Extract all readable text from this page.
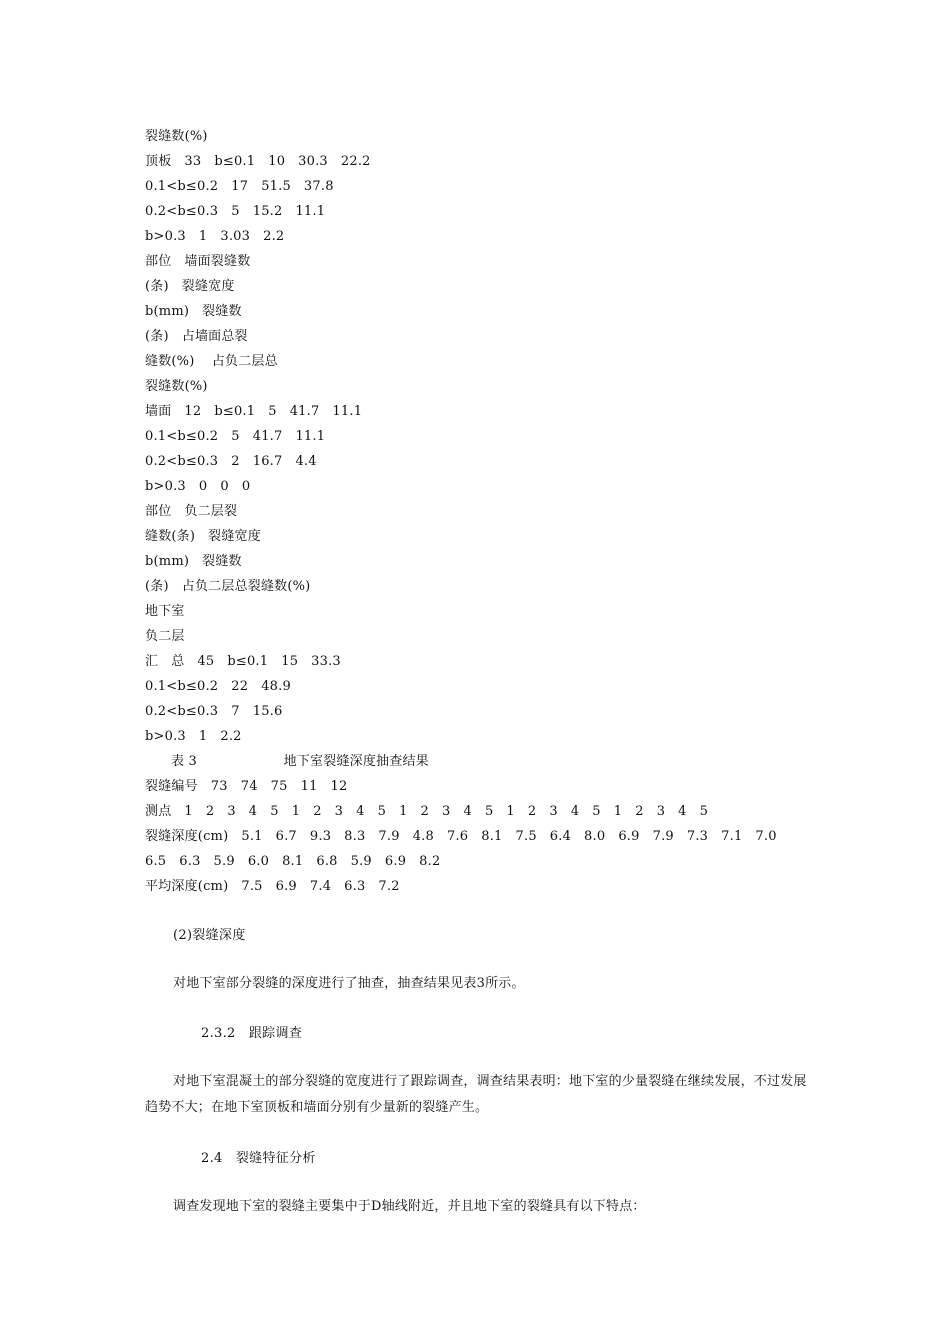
裂缝数(%)
顶板   33   b≤0.1   10   30.3   22.2
0.1<b≤0.2   17   51.5   37.8
0.2<b≤0.3   5   15.2   11.1
b>0.3   1   3.03   2.2
部位   墙面裂缝数
(条)   裂缝宽度
b(mm)   裂缝数
(条)   占墙面总裂
缝数(%)    占负二层总
裂缝数(%)
墙面   12   b≤0.1   5   41.7   11.1
0.1<b≤0.2   5   41.7   11.1
0.2<b≤0.3   2   16.7   4.4
b>0.3   0   0   0
部位   负二层裂
缝数(条)   裂缝宽度
b(mm)   裂缝数
(条)   占负二层总裂缝数(%)
地下室
负二层
汇   总   45   b≤0.1   15   33.3
0.1<b≤0.2   22   48.9
0.2<b≤0.3   7   15.6
b>0.3   1   2.2
表 3                    地下室裂缝深度抽查结果
裂缝编号   73   74   75   11   12
测点   1   2   3   4   5   1   2   3   4   5   1   2   3   4   5   1   2   3   4   5   1   2   3   4   5
裂缝深度(cm)   5.1   6.7   9.3   8.3   7.9   4.8   7.6   8.1   7.5   6.4   8.0   6.9   7.9   7.3   7.1   7.0
6.5   6.3   5.9   6.0   8.1   6.8   5.9   6.9   8.2
平均深度(cm)   7.5   6.9   7.4   6.3   7.2
(2)裂缝深度
对地下室部分裂缝的深度进行了抽查，抽查结果见表3所示。
2.3.2   跟踪调查
对地下室混凝土的部分裂缝的宽度进行了跟踪调查，调查结果表明：地下室的少量裂缝在继续发展，不过发展趋势不大；在地下室顶板和墙面分别有少量新的裂缝产生。
2.4   裂缝特征分析
调查发现地下室的裂缝主要集中于D轴线附近，并且地下室的裂缝具有以下特点：
